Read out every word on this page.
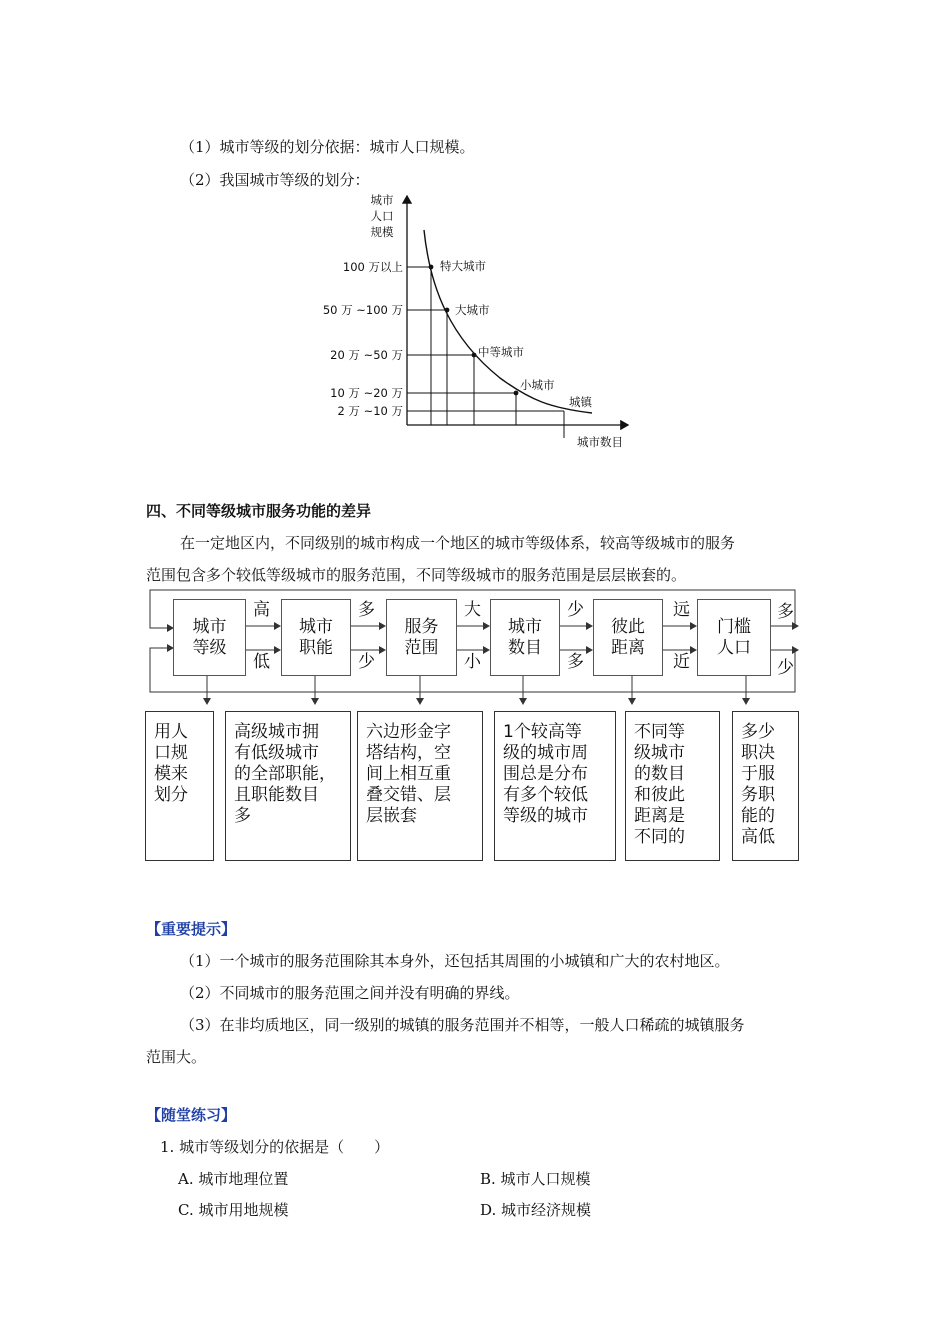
（1）城市等级的划分依据：城市人口规模。
（2）我国城市等级的划分：
城市
人口
规模
城市数目
100 万以上
50 万 ~100 万
20 万 ~50 万
10 万 ~20 万
2 万 ~10 万
特大城市
大城市
中等城市
小城市
城镇
四、不同等级城市服务功能的差异
在一定地区内，不同级别的城市构成一个地区的城市等级体系，较高等级城市的服务
范围包含多个较低等级城市的服务范围，不同等级城市的服务范围是层层嵌套的。
城市
等级
城市
职能
服务
范围
城市
数目
彼此
距离
门槛
人口
高
低
多
少
大
小
少
多
远
近
多
少
用人
口规
模来
划分
高级城市拥
有低级城市
的全部职能，
且职能数目
多
六边形金字
塔结构，空
间上相互重
叠交错、层
层嵌套
1个较高等
级的城市周
围总是分布
有多个较低
等级的城市
不同等
级城市
的数目
和彼此
距离是
不同的
多少
职决
于服
务职
能的
高低
【重要提示】
（1）一个城市的服务范围除其本身外，还包括其周围的小城镇和广大的农村地区。
（2）不同城市的服务范围之间并没有明确的界线。
（3）在非均质地区，同一级别的城镇的服务范围并不相等，一般人口稀疏的城镇服务
范围大。
【随堂练习】
1. 城市等级划分的依据是（　　）
A. 城市地理位置	B. 城市人口规模
C. 城市用地规模	D. 城市经济规模
